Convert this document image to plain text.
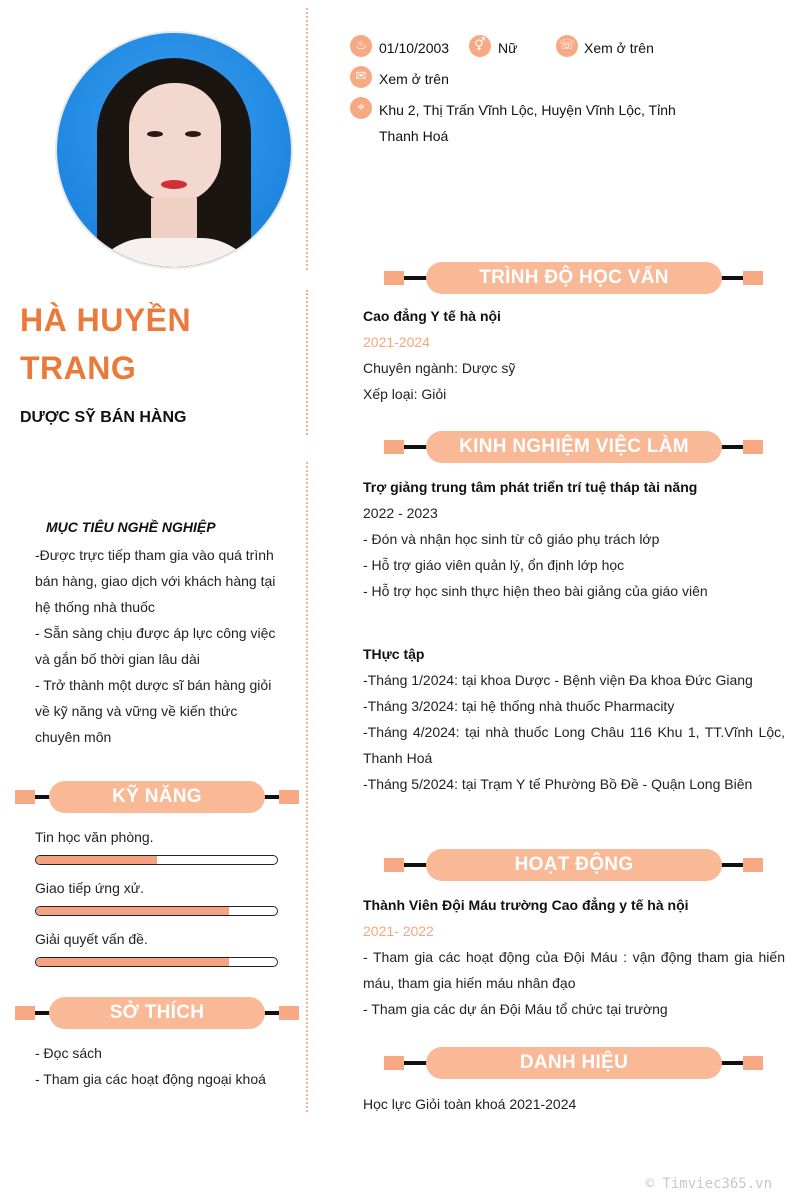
HÀ HUYỀN
TRANG
DƯỢC SỸ BÁN HÀNG
MỤC TIÊU NGHỀ NGHIỆP
-Được trực tiếp tham gia vào quá trình bán hàng, giao dịch với khách hàng tại hệ thống nhà thuốc
- Sẵn sàng chịu được áp lực công việc và gắn bố thời gian lâu dài
- Trở thành một dược sĩ bán hàng giỏi về kỹ năng và vững về kiến thức chuyên môn
KỸ NĂNG
Tin học văn phòng.
Giao tiếp ứng xử.
Giải quyết vấn đề.
SỞ THÍCH
- Đọc sách
- Tham gia các hoạt động ngoại khoá
♨ 01/10/2003	⚥ Nữ	☏ Xem ở trên
✉ Xem ở trên
⌖	Khu 2, Thị Trấn Vĩnh Lộc, Huyện Vĩnh Lộc, Tỉnh
Thanh Hoá
TRÌNH ĐỘ HỌC VẤN
Cao đẳng Y tế hà nội
2021-2024
Chuyên ngành: Dược sỹ
Xếp loại: Giỏi
KINH NGHIỆM VIỆC LÀM
Trợ giảng trung tâm phát triển trí tuệ tháp tài năng
2022 - 2023
- Đón và nhận học sinh từ cô giáo phụ trách lớp
- Hỗ trợ giáo viên quản lý, ổn định lớp học
- Hỗ trợ học sinh thực hiện theo bài giảng của giáo viên
THực tập
-Tháng 1/2024: tại khoa Dược - Bệnh viện Đa khoa Đức Giang
-Tháng 3/2024: tại hệ thống nhà thuốc Pharmacity
-Tháng 4/2024: tại nhà thuốc Long Châu 116 Khu 1, TT.Vĩnh Lộc, Thanh Hoá
-Tháng 5/2024: tại Trạm Y tế Phường Bồ Đề - Quận Long Biên
HOẠT ĐỘNG
Thành Viên Đội Máu trường Cao đẳng y tế hà nội
2021- 2022
- Tham gia các hoạt động của Đội Máu : vận động tham gia hiến máu, tham gia hiến máu nhân đạo
- Tham gia các dự án Đội Máu tổ chức tại trường
DANH HIỆU
Học lực Giỏi toàn khoá 2021-2024
© Timviec365.vn
